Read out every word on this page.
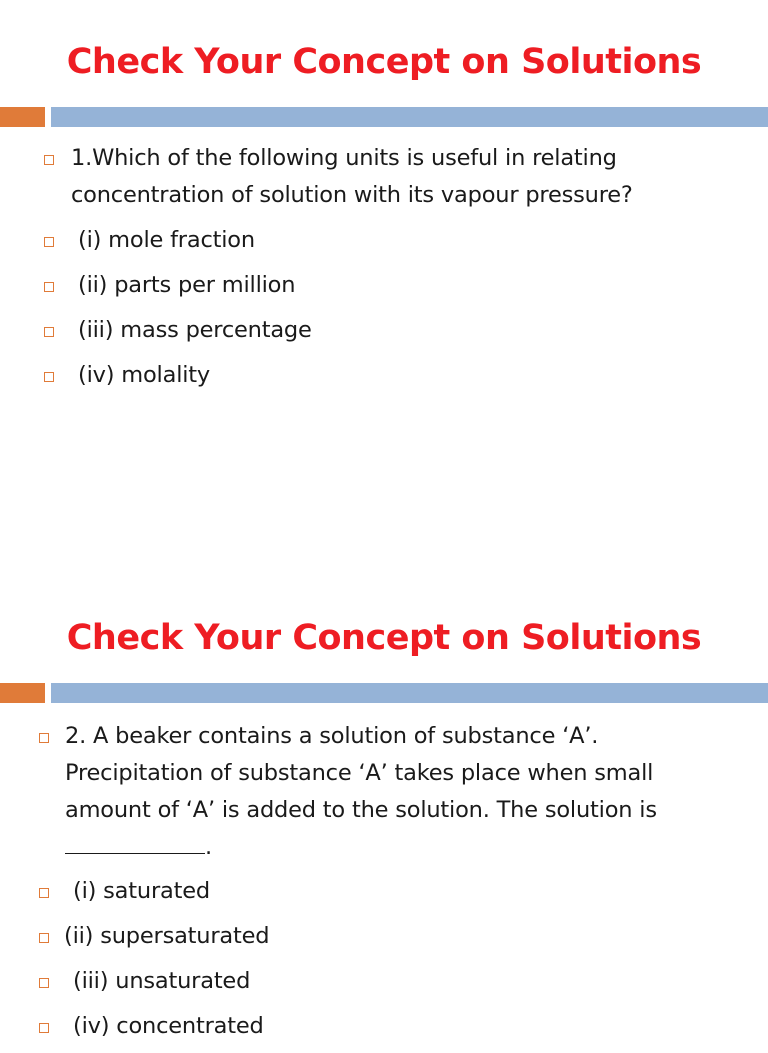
Check Your Concept on Solutions
1.Which of the following units is useful in relating
concentration of solution with its vapour pressure?
(i) mole fraction
(ii) parts per million
(iii) mass percentage
(iv) molality
Check Your Concept on Solutions
2. A beaker contains a solution of substance ‘A’.
Precipitation of substance ‘A’ takes place when small
amount of ‘A’ is added to the solution. The solution is
.
(i) saturated
(ii) supersaturated
(iii) unsaturated
(iv) concentrated
